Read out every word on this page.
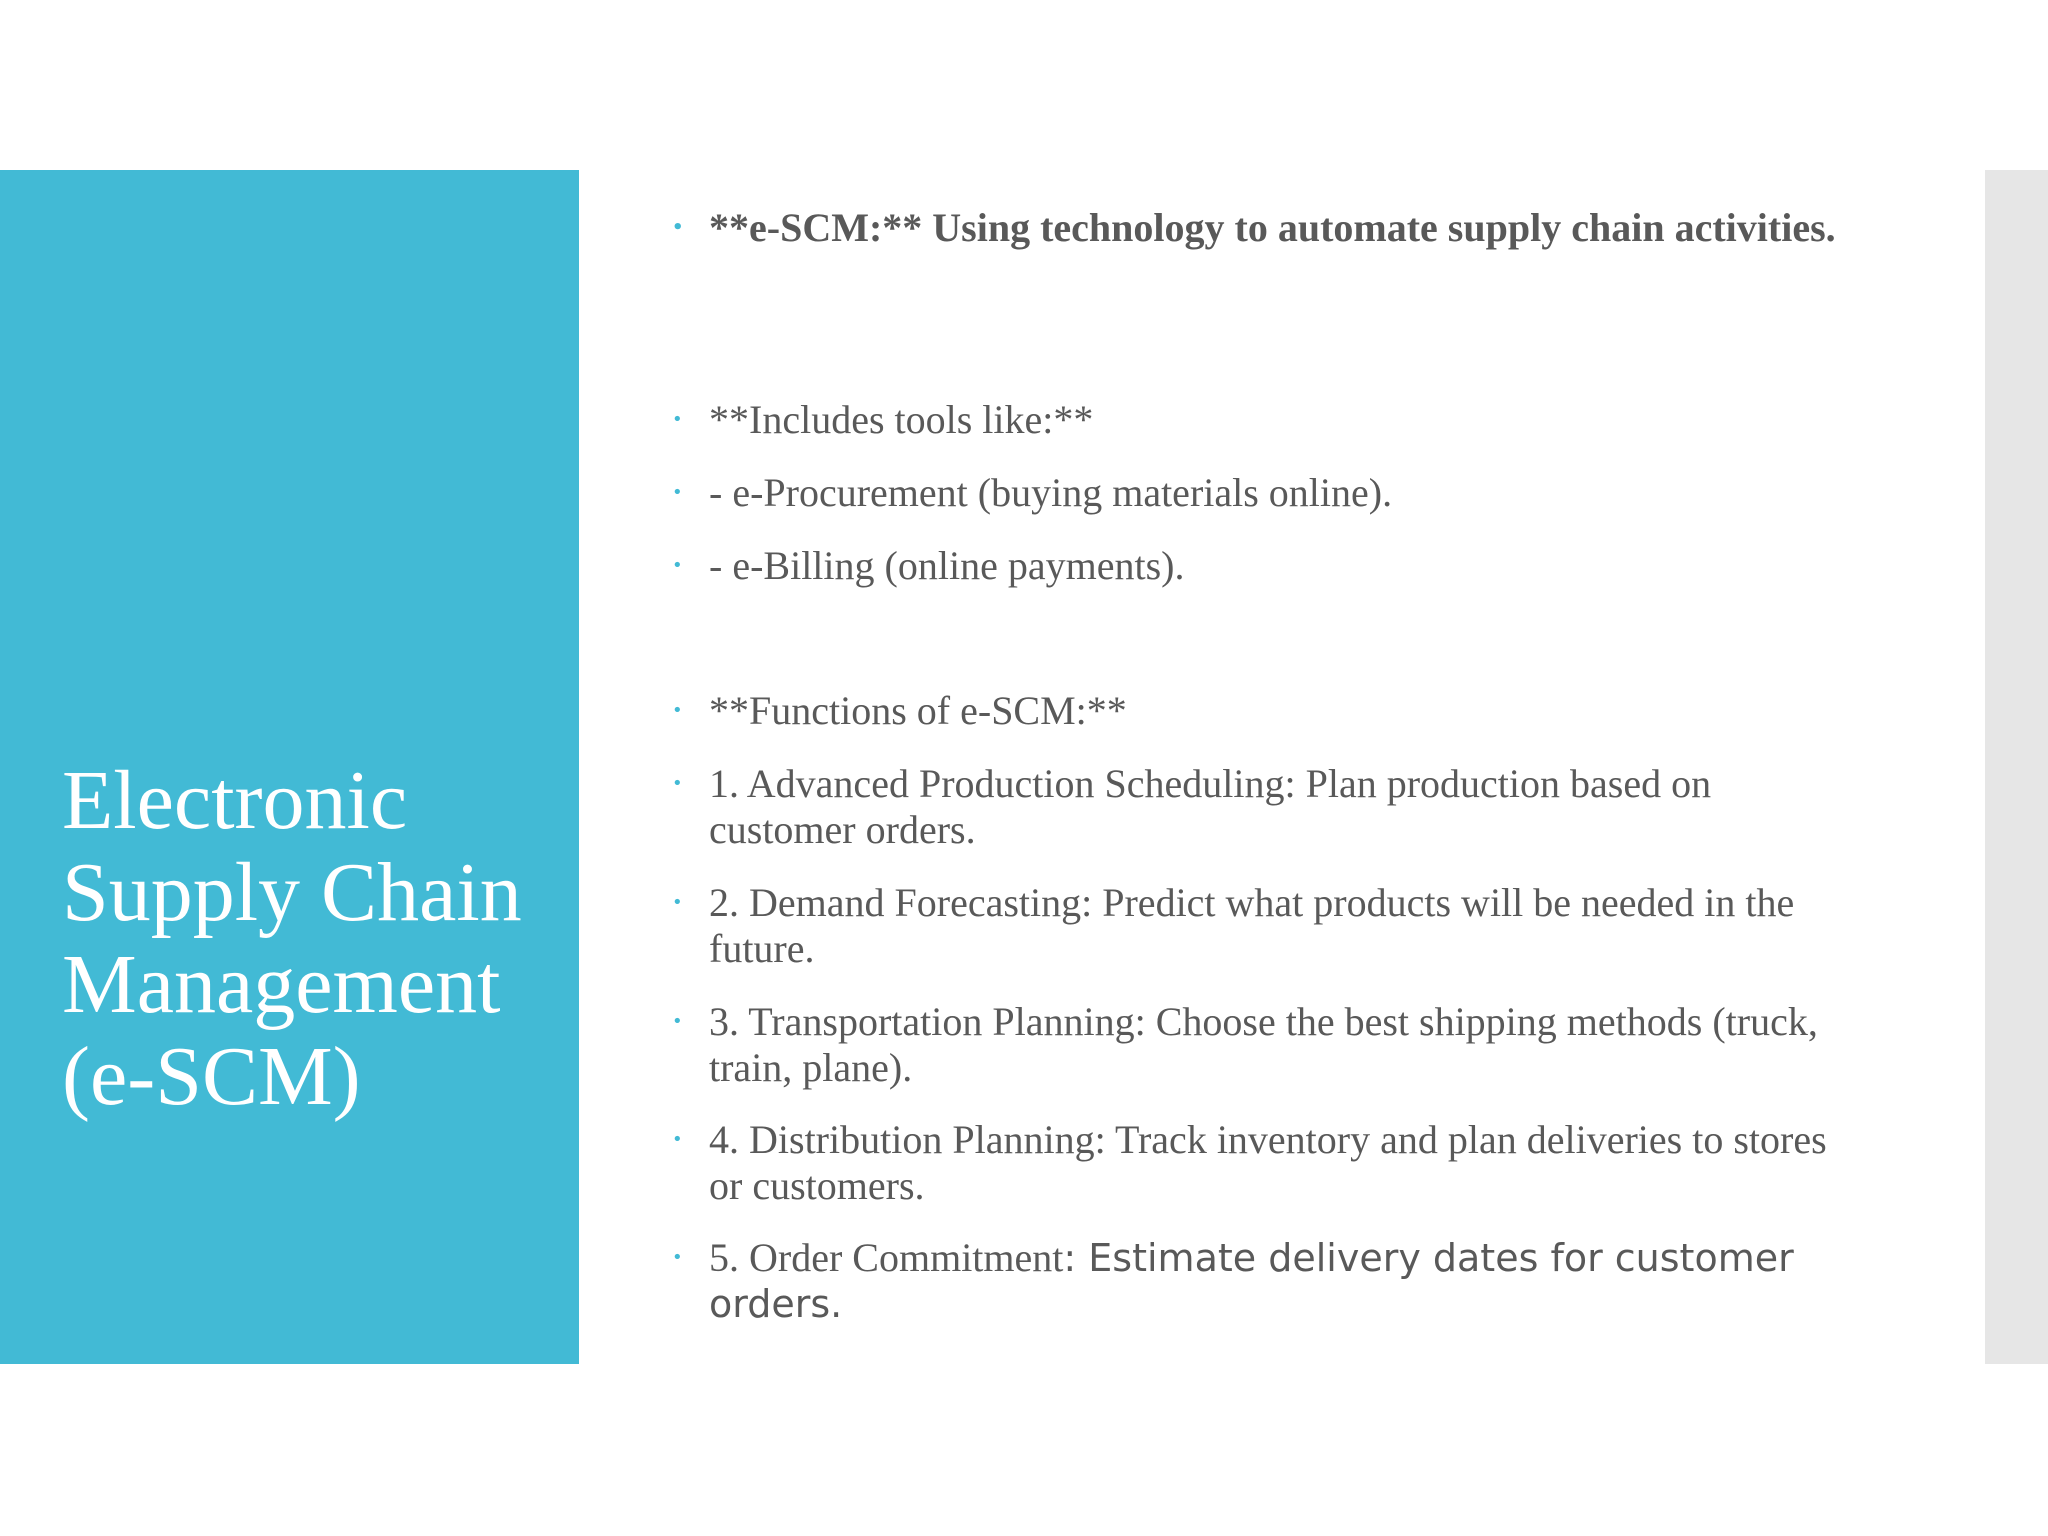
Electronic Supply Chain Management (e-SCM)
• **e-SCM:** Using technology to automate supply chain activities.
• **Includes tools like:**
• - e-Procurement (buying materials online).
• - e-Billing (online payments).
• **Functions of e-SCM:**
• 1. Advanced Production Scheduling: Plan production based on customer orders.
• 2. Demand Forecasting: Predict what products will be needed in the future.
• 3. Transportation Planning: Choose the best shipping methods (truck, train, plane).
• 4. Distribution Planning: Track inventory and plan deliveries to stores or customers.
• 5. Order Commitment: Estimate delivery dates for customer orders.
